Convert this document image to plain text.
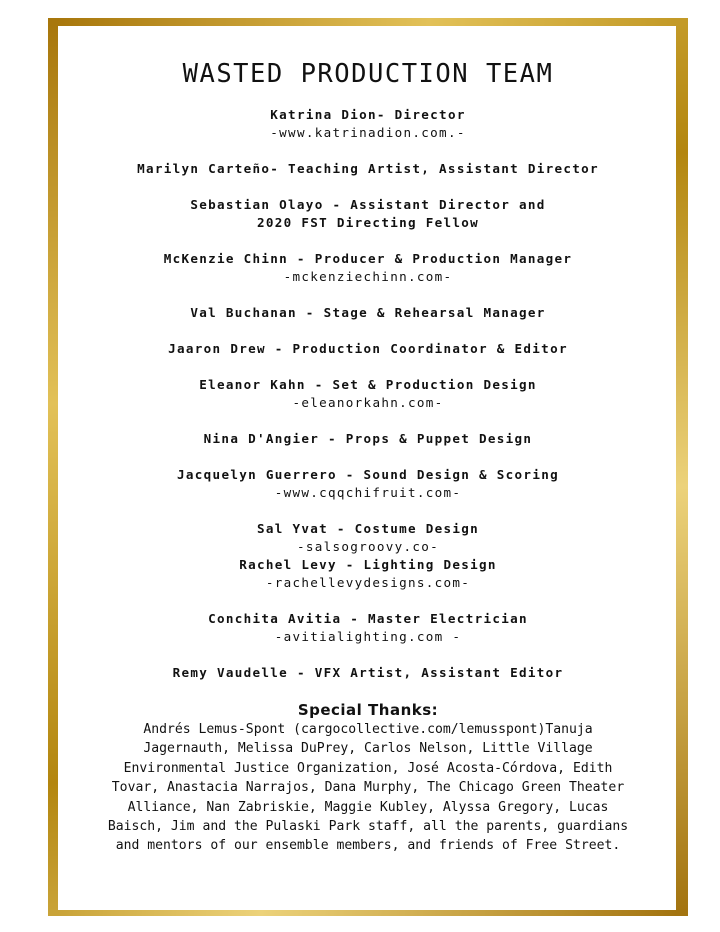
WASTED PRODUCTION TEAM
Katrina Dion- Director
-www.katrinadion.com.-
Marilyn Carteño- Teaching Artist, Assistant Director
Sebastian Olayo - Assistant Director and
2020 FST Directing Fellow
McKenzie Chinn - Producer & Production Manager
-mckenziechinn.com-
Val Buchanan - Stage & Rehearsal Manager
Jaaron Drew - Production Coordinator & Editor
Eleanor Kahn - Set & Production Design
-eleanorkahn.com-
Nina D'Angier - Props & Puppet Design
Jacquelyn Guerrero - Sound Design & Scoring
-www.cqqchifruit.com-
Sal Yvat - Costume Design
-salsogroovy.co-
Rachel Levy - Lighting Design
-rachellevydesigns.com-
Conchita Avitia - Master Electrician
-avitialighting.com -
Remy Vaudelle - VFX Artist, Assistant Editor
Special Thanks:
Andrés Lemus-Spont (cargocollective.com/lemusspont)Tanuja
Jagernauth, Melissa DuPrey, Carlos Nelson, Little Village
Environmental Justice Organization, José Acosta-Córdova, Edith
Tovar, Anastacia Narrajos, Dana Murphy, The Chicago Green Theater
Alliance, Nan Zabriskie, Maggie Kubley, Alyssa Gregory, Lucas
Baisch, Jim and the Pulaski Park staff, all the parents, guardians
and mentors of our ensemble members, and friends of Free Street.
